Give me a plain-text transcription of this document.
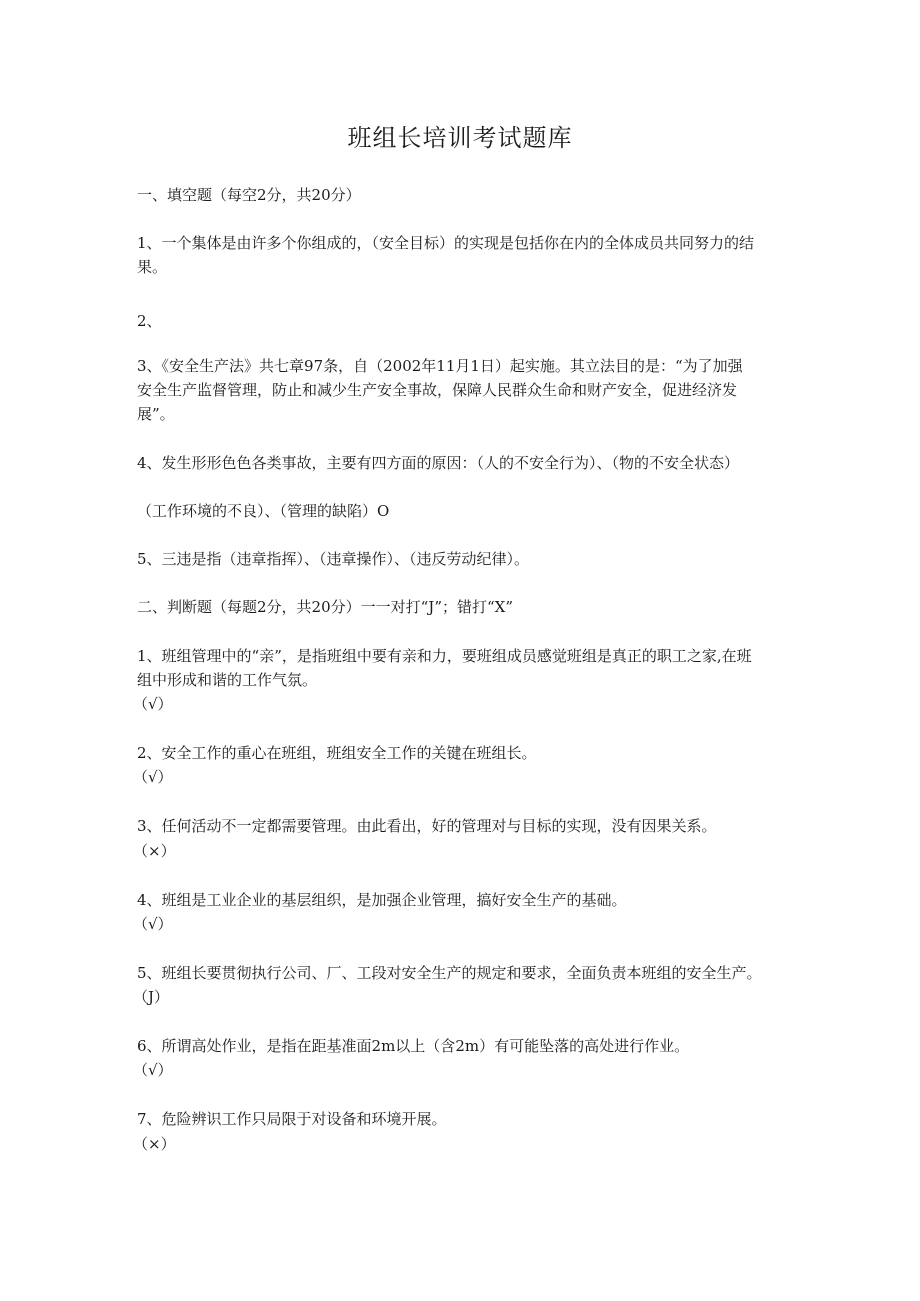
班组长培训考试题库
一、填空题（每空2分，共20分）
1、一个集体是由许多个你组成的，（安全目标）的实现是包括你在内的全体成员共同努力的结
果。
2、
3、《安全生产法》共七章97条，自（2002年11月1日）起实施。其立法目的是：“为了加强
安全生产监督管理，防止和减少生产安全事故，保障人民群众生命和财产安全，促进经济发
展”。
4、发生形形色色各类事故，主要有四方面的原因：（人的不安全行为）、（物的不安全状态）
（工作环境的不良）、（管理的缺陷）O
5、三违是指（违章指挥）、（违章操作）、（违反劳动纪律）。
二、判断题（每题2分，共20分）一一对打“J”；错打“X”
1、班组管理中的“亲”，是指班组中要有亲和力，要班组成员感觉班组是真正的职工之家,在班
组中形成和谐的工作气氛。
（√）
2、安全工作的重心在班组，班组安全工作的关键在班组长。
（√）
3、任何活动不一定都需要管理。由此看出，好的管理对与目标的实现，没有因果关系。
（×）
4、班组是工业企业的基层组织，是加强企业管理，搞好安全生产的基础。
（√）
5、班组长要贯彻执行公司、厂、工段对安全生产的规定和要求，全面负责本班组的安全生产。
（J）
6、所谓高处作业，是指在距基准面2m以上（含2m）有可能坠落的高处进行作业。
（√）
7、危险辨识工作只局限于对设备和环境开展。
（×）
